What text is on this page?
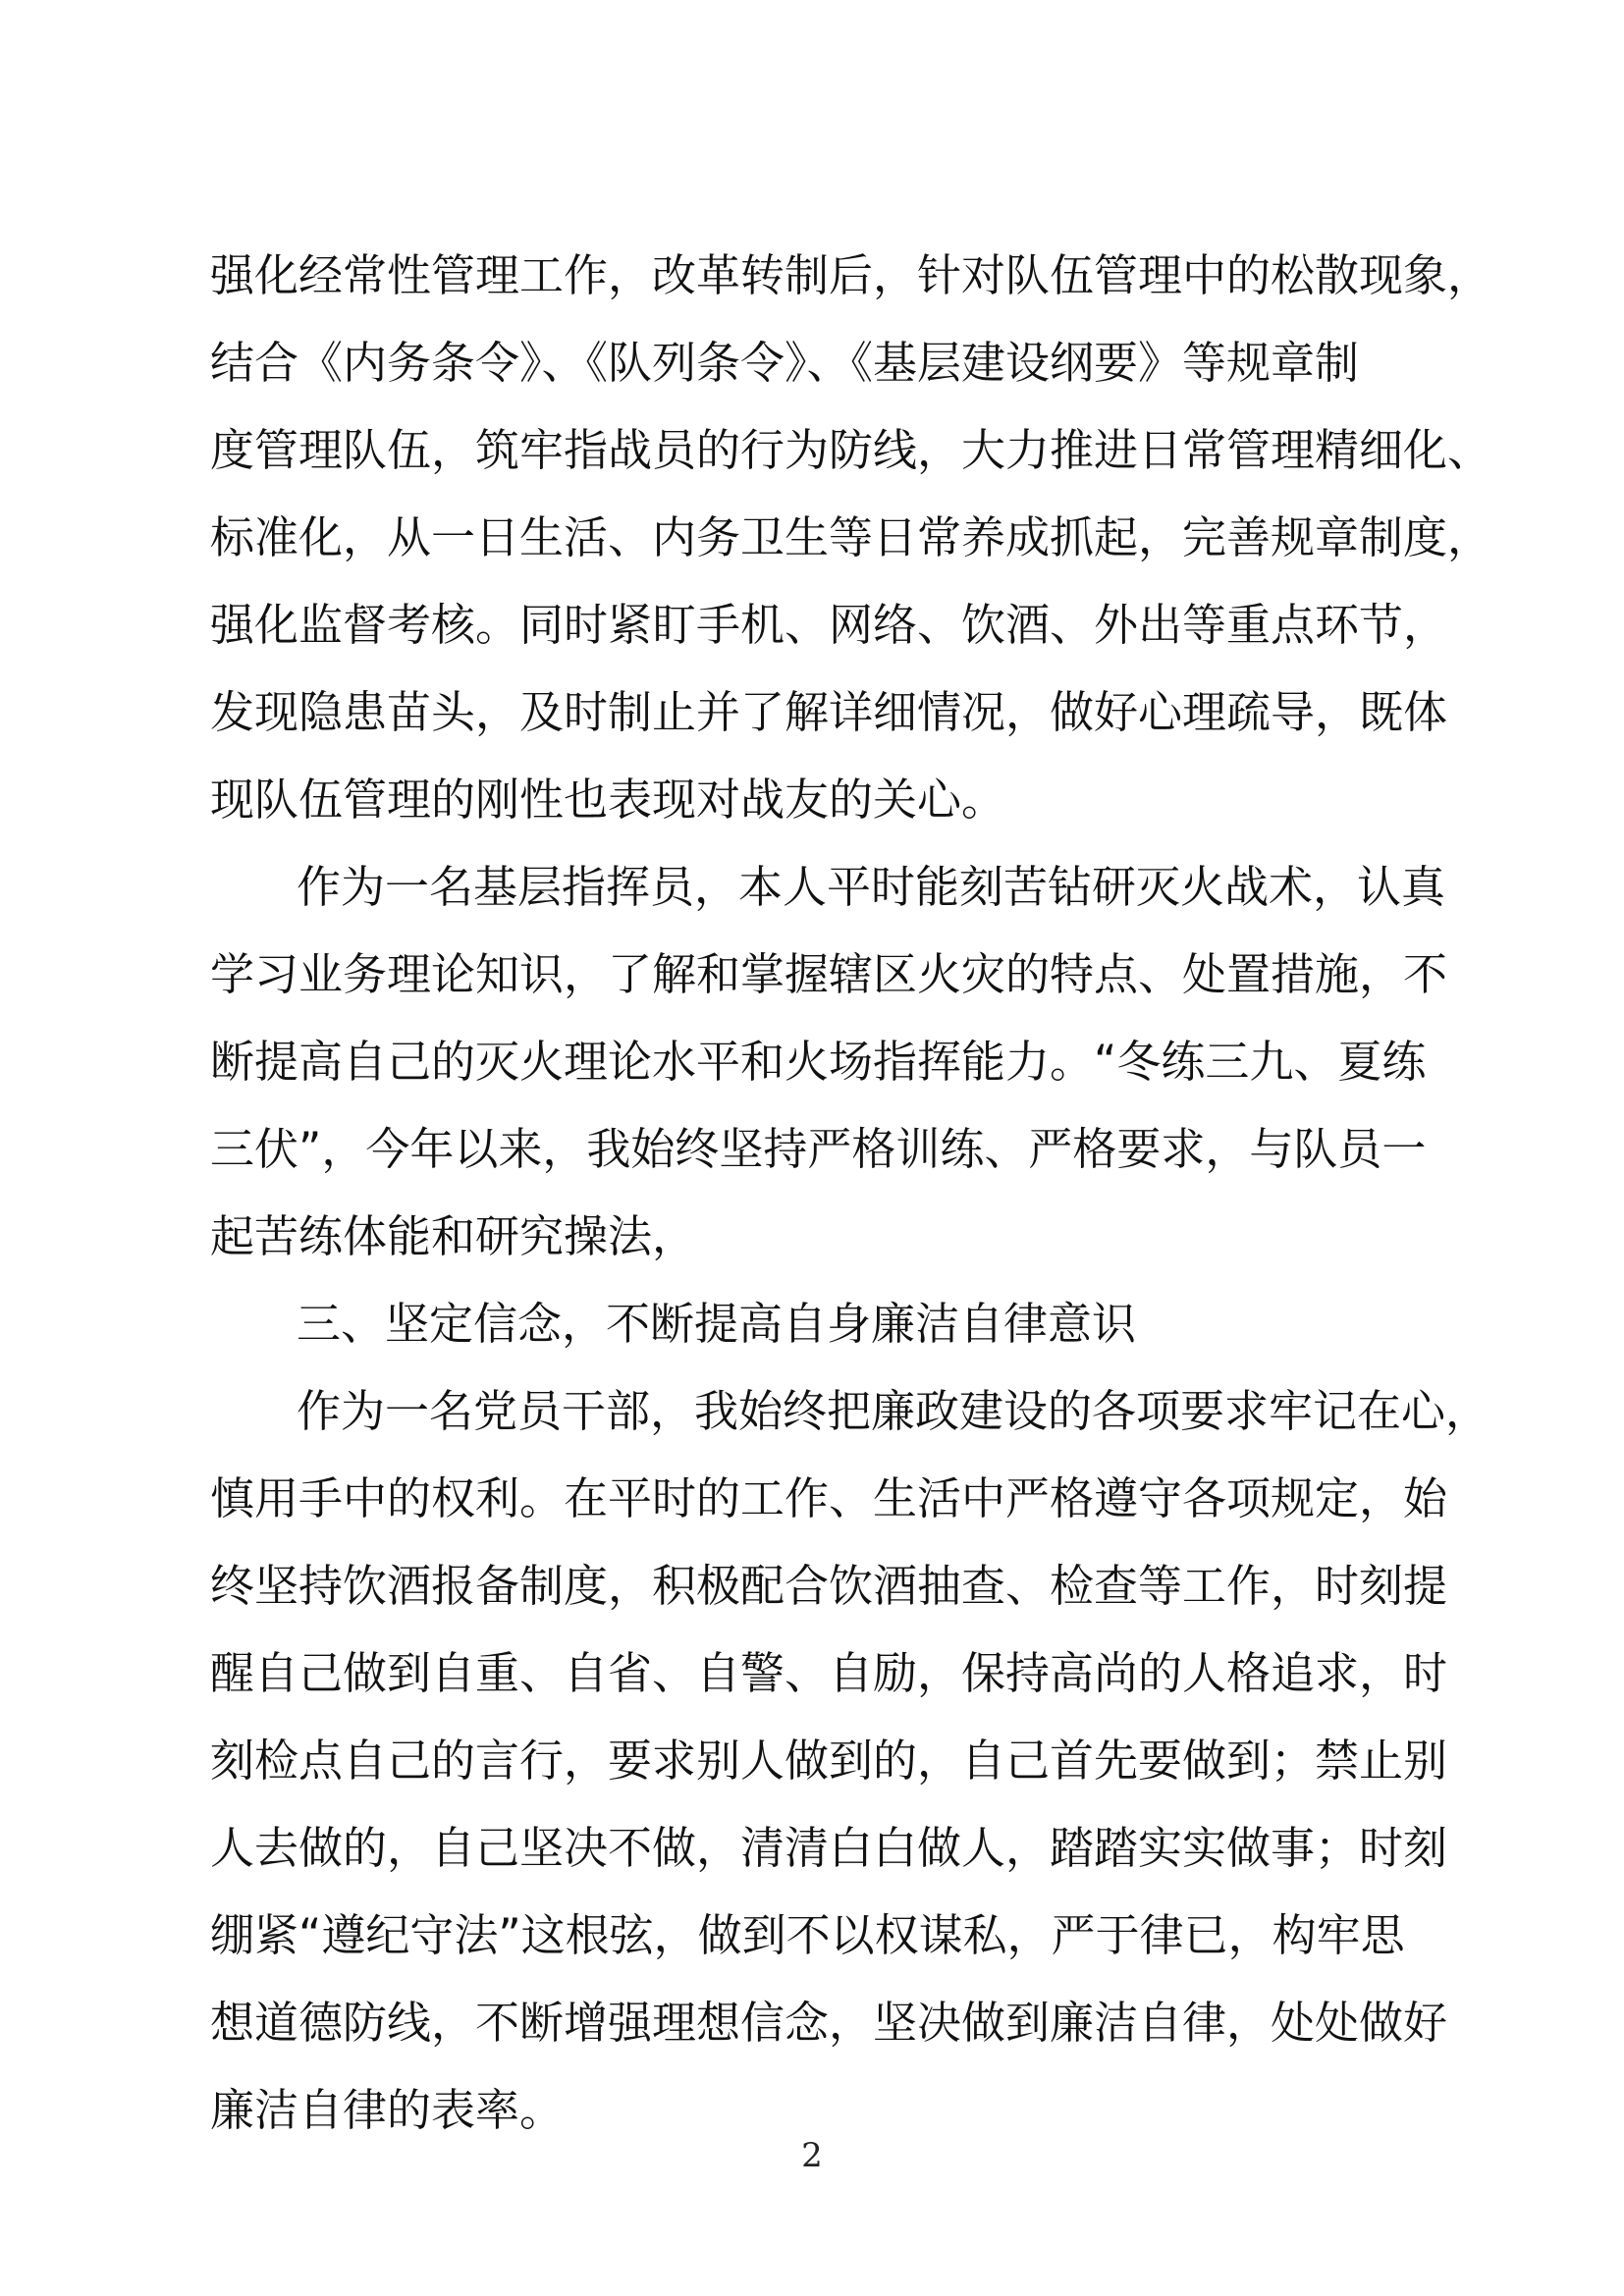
强化经常性管理工作，改革转制后，针对队伍管理中的松散现象，
结合《内务条令》、《队列条令》、《基层建设纲要》等规章制
度管理队伍，筑牢指战员的行为防线，大力推进日常管理精细化、
标准化，从一日生活、内务卫生等日常养成抓起，完善规章制度，
强化监督考核。同时紧盯手机、网络、饮酒、外出等重点环节，
发现隐患苗头，及时制止并了解详细情况，做好心理疏导，既体
现队伍管理的刚性也表现对战友的关心。
作为一名基层指挥员，本人平时能刻苦钻研灭火战术，认真
学习业务理论知识，了解和掌握辖区火灾的特点、处置措施，不
断提高自己的灭火理论水平和火场指挥能力。“冬练三九、夏练
三伏”，今年以来，我始终坚持严格训练、严格要求，与队员一
起苦练体能和研究操法，
三、坚定信念，不断提高自身廉洁自律意识
作为一名党员干部，我始终把廉政建设的各项要求牢记在心，
慎用手中的权利。在平时的工作、生活中严格遵守各项规定，始
终坚持饮酒报备制度，积极配合饮酒抽查、检查等工作，时刻提
醒自己做到自重、自省、自警、自励，保持高尚的人格追求，时
刻检点自己的言行，要求别人做到的，自己首先要做到；禁止别
人去做的，自己坚决不做，清清白白做人，踏踏实实做事；时刻
绷紧“遵纪守法”这根弦，做到不以权谋私，严于律已，构牢思
想道德防线，不断增强理想信念，坚决做到廉洁自律，处处做好
廉洁自律的表率。
2
